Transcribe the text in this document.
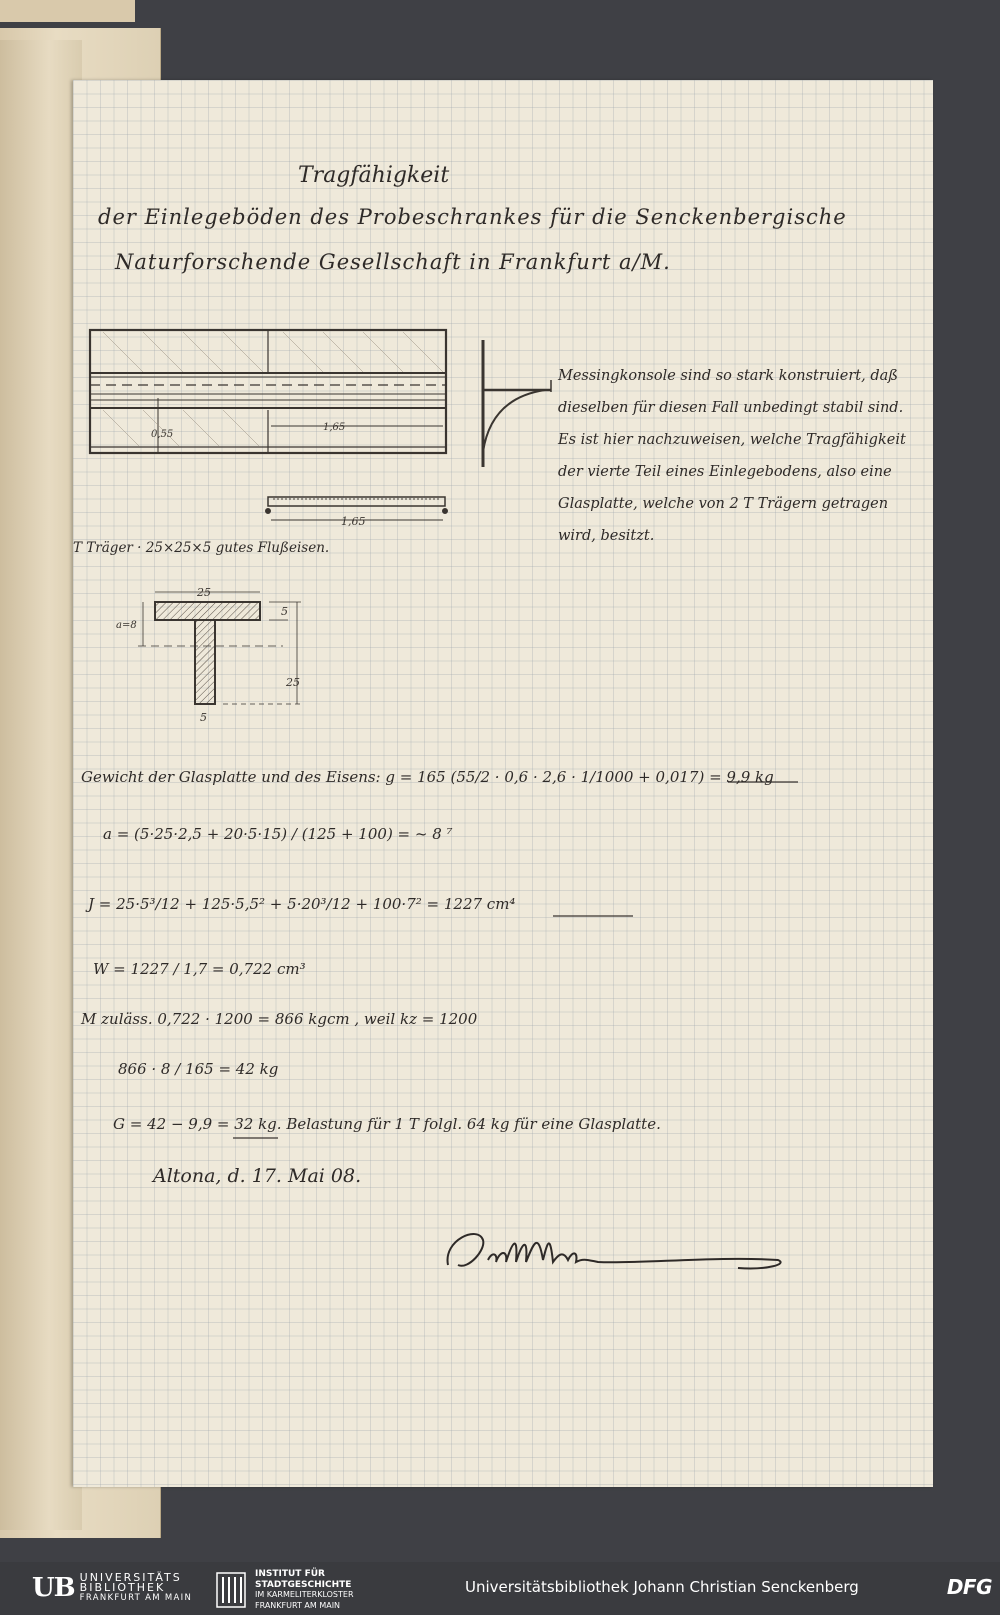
0,55
1,65
1,65
25
5
a=8
25
5
Tragfähigkeit
der Einlegeböden des Probeschrankes für die Senckenbergische
Naturforschende Gesellschaft in Frankfurt a/M.
Messingkonsole sind so stark konstruiert, daß dieselben für diesen Fall unbedingt stabil sind. Es ist hier nachzuweisen, welche Tragfähigkeit der vierte Teil eines Einlegebodens, also eine Glasplatte, welche von 2 T Trägern getragen wird, besitzt.
T Träger · 25×25×5 gutes Flußeisen.
Gewicht der Glasplatte und des Eisens: g = 165 (55/2 · 0,6 · 2,6 · 1/1000 + 0,017) = 9,9 kg
a = (5·25·2,5 + 20·5·15) / (125 + 100) = ~ 8 ⁷
J = 25·5³/12 + 125·5,5² + 5·20³/12 + 100·7² = 1227 cm⁴
W = 1227 / 1,7 = 0,722 cm³
M zuläss. 0,722 · 1200 = 866 kgcm , weil kz = 1200
866 · 8 / 165 = 42 kg
G = 42 − 9,9 = 32 kg. Belastung für 1 T folgl. 64 kg für eine Glasplatte.
Altona, d. 17. Mai 08.
UB UNIVERSITÄTS
BIBLIOTHEK
FRANKFURT AM MAIN
INSTITUT FÜR
STADTGESCHICHTE
IM KARMELITERKLOSTER
FRANKFURT AM MAIN
Universitätsbibliothek Johann Christian Senckenberg	DFG
